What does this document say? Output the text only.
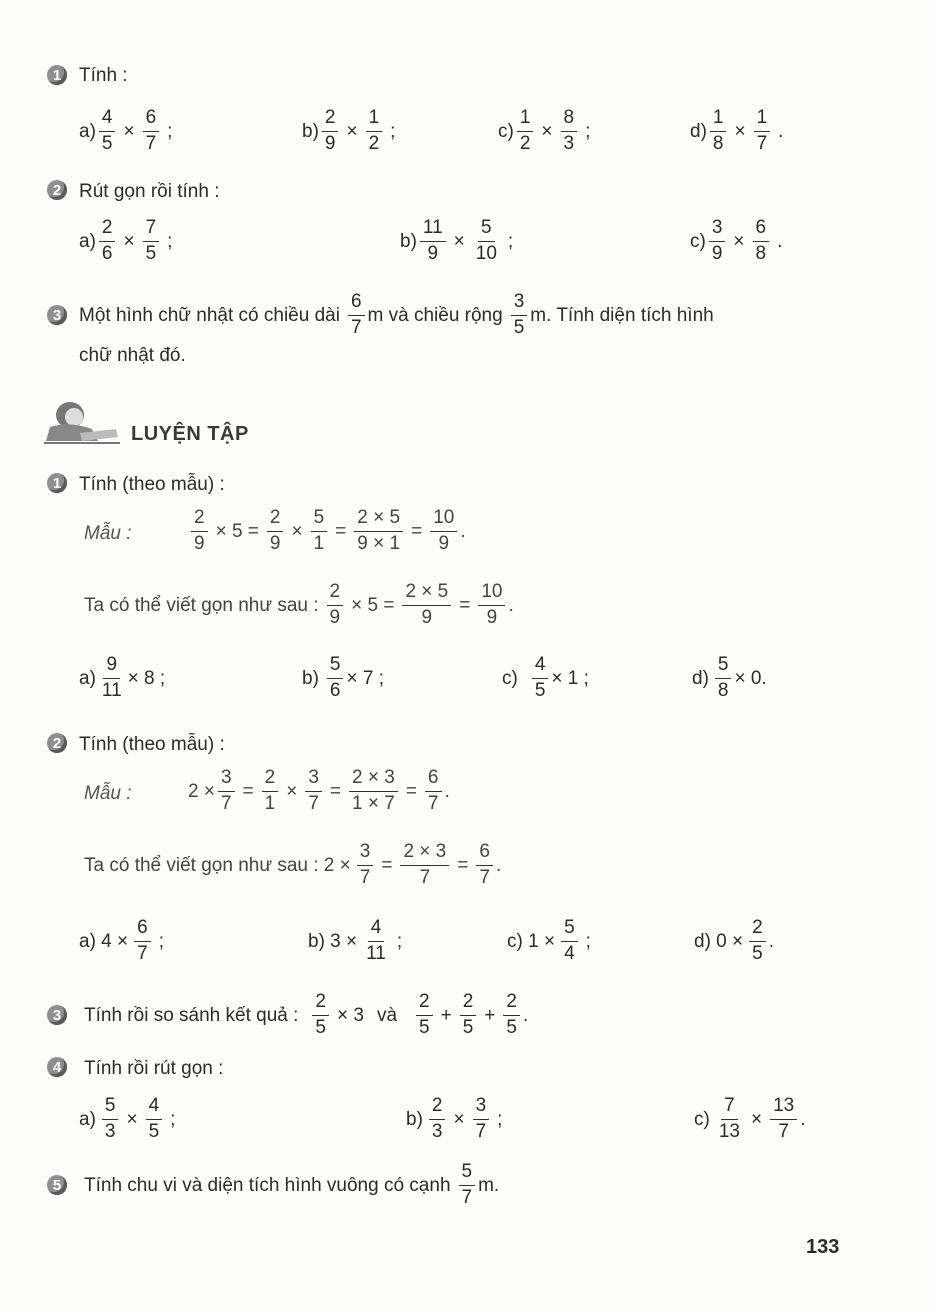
1 Tính :
$a) \frac{4}{5} \times \frac{6}{7}$ ;	$b) \frac{2}{9} \times \frac{1}{2}$ ;	$c) \frac{1}{2} \times \frac{8}{3}$ ;	$d) \frac{1}{8} \times \frac{1}{7}$ .
2 Rút gọn rồi tính :
$a) \frac{2}{6} \times \frac{7}{5}$ ;	$b) \frac{11}{9} \times \frac{5}{10}$ ;	$c) \frac{3}{9} \times \frac{6}{8}$ .
3 Một hình chữ nhật có chiều dài $\frac{6}{7}$ m và chiều rộng $\frac{3}{5} m$. Tính diện tích hình
chữ nhật đó.
LUYỆN TẬP
1 Tính (theo mẫu) :
Mẫu :	$\frac{2}{9} \times 5 = \frac{2}{9} \times \frac{5}{1} = \frac{2 \times 5}{9 \times 1} = \frac{10}{9}$ .
Ta có thể viết gọn như sau : $\frac{2}{9} \times 5 = \frac{2 \times 5}{9} = \frac{10}{9}$ .
$a) \frac{9}{11} \times 8$ ;	$b) \frac{5}{6} \times 7$ ;	$c) \frac{4}{5} \times 1$ ;	$d) \frac{5}{8} \times 0$.
2 Tính (theo mẫu) :
Mẫu :	$2 \times \frac{3}{7} = \frac{2}{1} \times \frac{3}{7} = \frac{2 \times 3}{1 \times 7} = \frac{6}{7}$ .
Ta có thể viết gọn như sau : $2 \times \frac{3}{7} = \frac{2 \times 3}{7} = \frac{6}{7}$ .
a) $4 \times \frac{6}{7}$ ;	b) $3 \times \frac{4}{11}$ ;	c) $1 \times \frac{5}{4}$ ;	d) $0 \times \frac{2}{5}$ .
3 Tính rồi so sánh kết quả : $\frac{2}{5} \times 3$ và $\frac{2}{5} + \frac{2}{5} + \frac{2}{5}$ .
4 Tính rồi rút gọn :
$a) \frac{5}{3} \times \frac{4}{5}$ ;	$b) \frac{2}{3} \times \frac{3}{7}$ ;	$c) \frac{7}{13} \times \frac{13}{7}$ .
5 Tính chu vi và diện tích hình vuông có cạnh $\frac{5}{7} m$.
133
